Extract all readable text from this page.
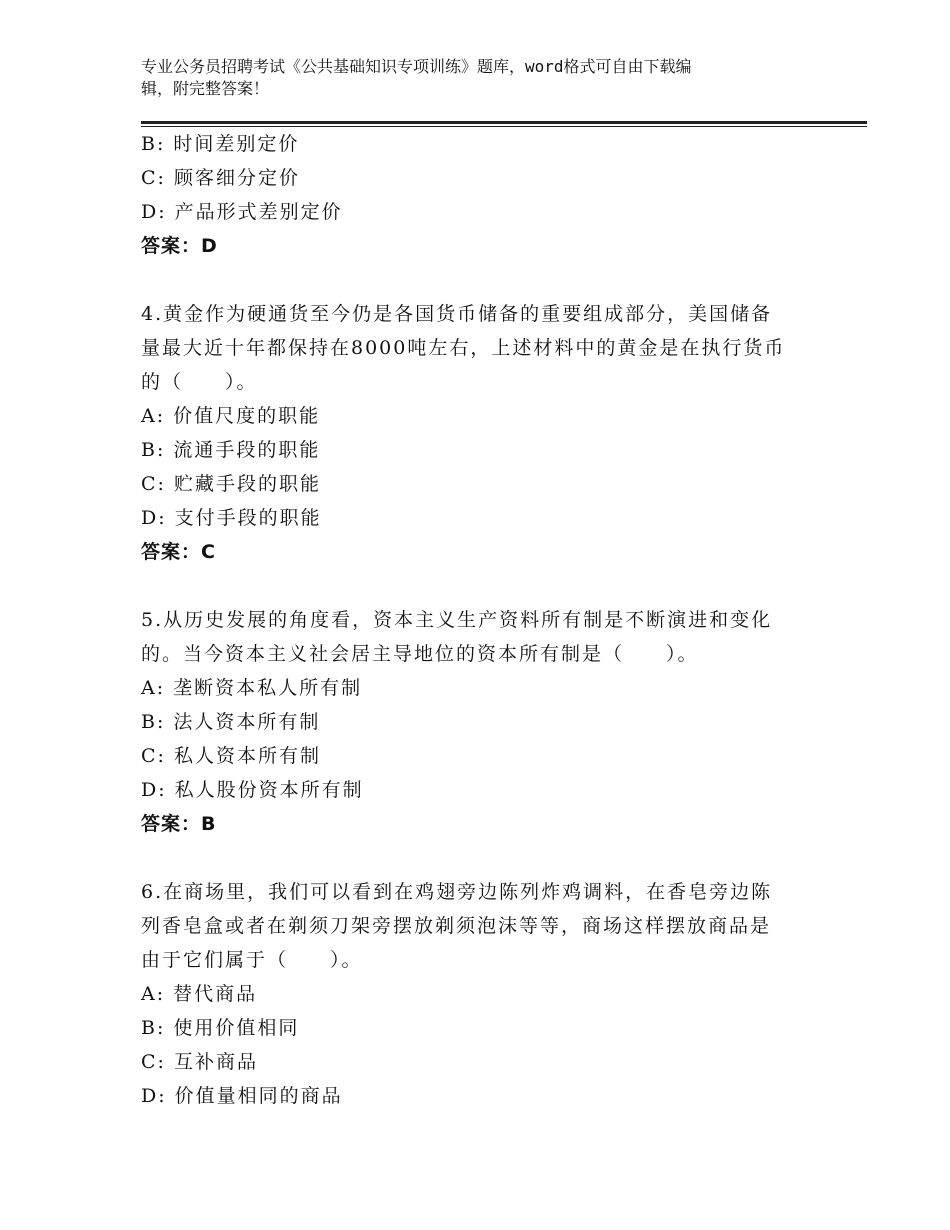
专业公务员招聘考试《公共基础知识专项训练》题库，word格式可自由下载编
辑，附完整答案！
B: 时间差别定价
C: 顾客细分定价
D: 产品形式差别定价
答案：D
4.黄金作为硬通货至今仍是各国货币储备的重要组成部分，美国储备
量最大近十年都保持在8000吨左右，上述材料中的黄金是在执行货币
的（　　）。
A: 价值尺度的职能
B: 流通手段的职能
C: 贮藏手段的职能
D: 支付手段的职能
答案：C
5.从历史发展的角度看，资本主义生产资料所有制是不断演进和变化
的。当今资本主义社会居主导地位的资本所有制是（　　）。
A: 垄断资本私人所有制
B: 法人资本所有制
C: 私人资本所有制
D: 私人股份资本所有制
答案：B
6.在商场里，我们可以看到在鸡翅旁边陈列炸鸡调料，在香皂旁边陈
列香皂盒或者在剃须刀架旁摆放剃须泡沫等等，商场这样摆放商品是
由于它们属于（　　）。
A: 替代商品
B: 使用价值相同
C: 互补商品
D: 价值量相同的商品
